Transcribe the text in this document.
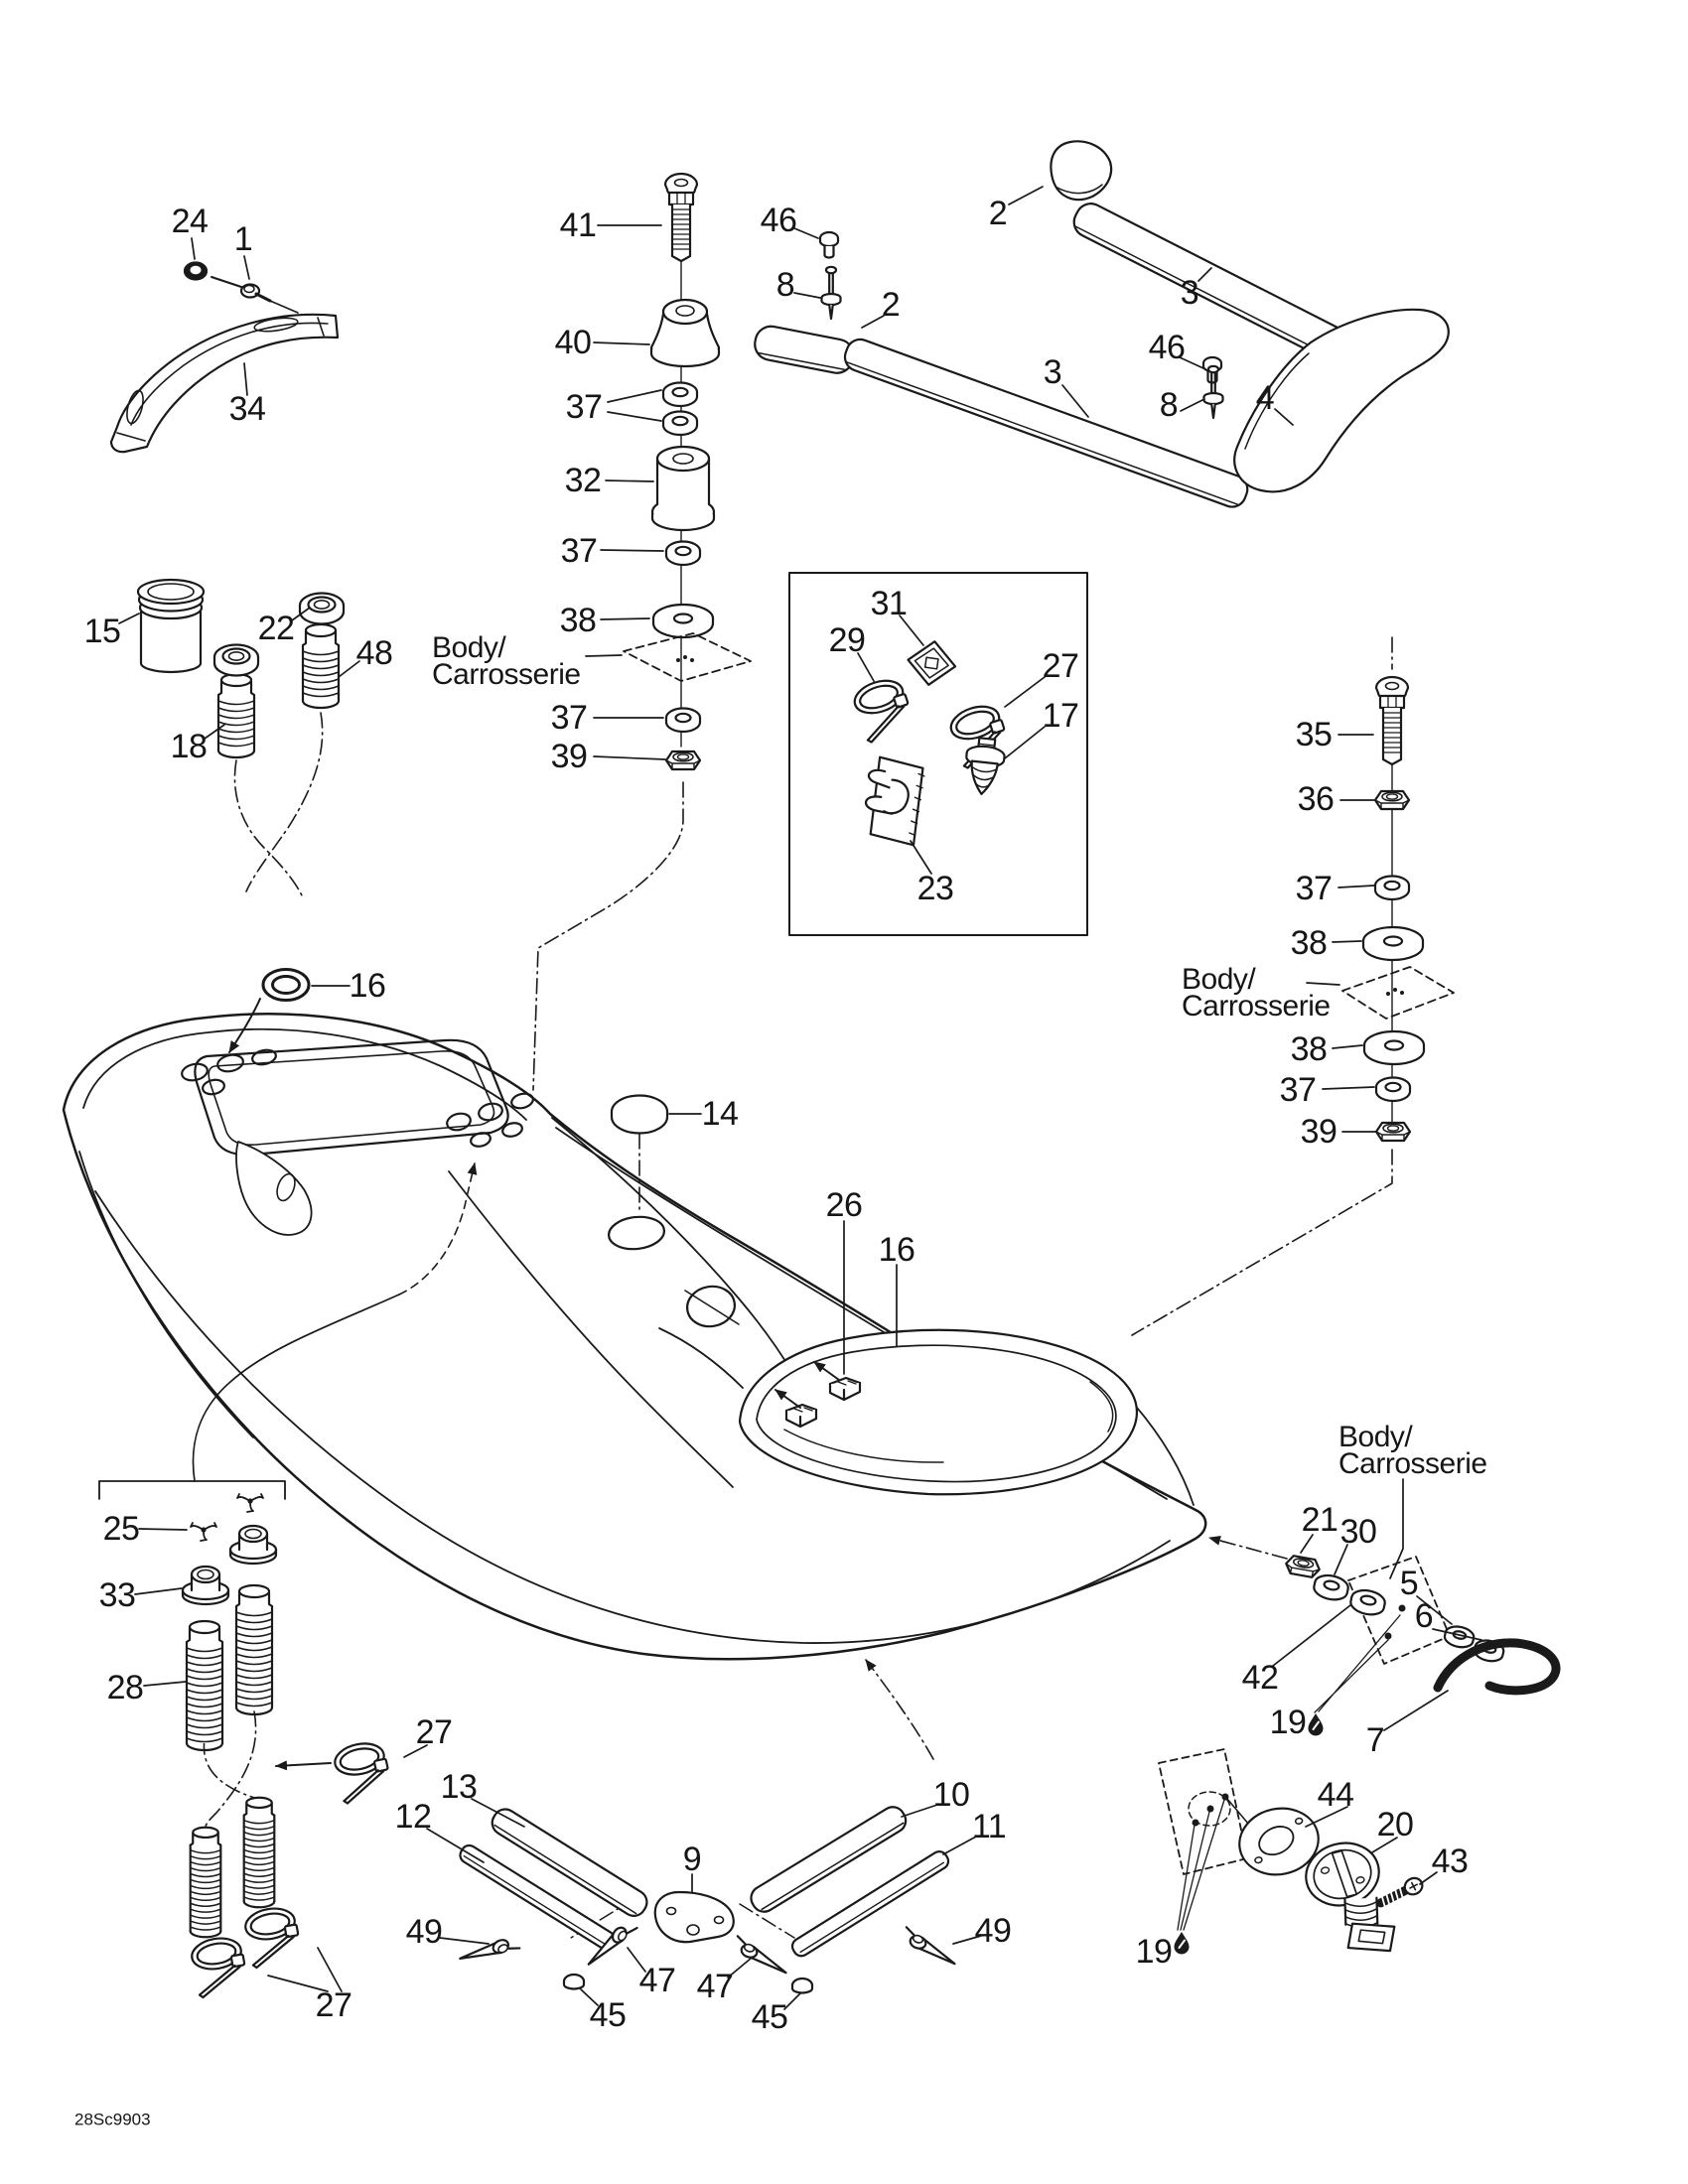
24 1
34
41
40
37
32
37
38
Body/
Carrosserie
37
39
46
8
2
3
2
3
46
8 4
15	22
48
18
31
29
27
17
23
35
36
37
38
Body/
Carrosserie
38
37
39
16
14
26
16
25
33
28
27
27
13
12
9
10
11
49
47
45
47
45
49
21 30
Body/
Carrosserie
5
6
42
19 7
44
20
43
19
28Sc9903
